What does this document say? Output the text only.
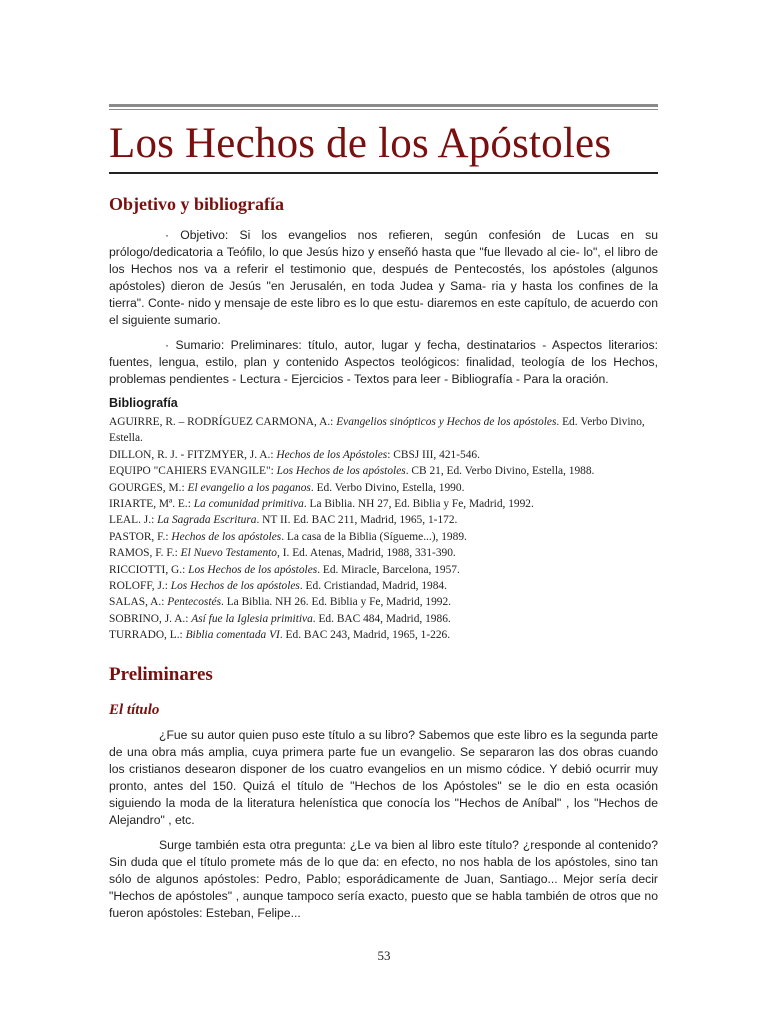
Los Hechos de los Apóstoles
Objetivo y bibliografía

· Objetivo: Si los evangelios nos refieren, según confesión de Lucas en su prólogo/dedicatoria a Teófilo, lo que Jesús hizo y enseñó hasta que "fue llevado al cie- lo", el libro de los Hechos nos va a referir el testimonio que, después de Pentecostés, los apóstoles (algunos apóstoles) dieron de Jesús "en Jerusalén, en toda Judea y Sama- ria y hasta los confines de la tierra". Conte- nido y mensaje de este libro es lo que estu- diaremos en este capítulo, de acuerdo con el siguiente sumario.

· Sumario: Preliminares: título, autor, lugar y fecha, destinatarios - Aspectos literarios: fuentes, lengua, estilo, plan y contenido Aspectos teológicos: finalidad, teología de los Hechos, problemas pendientes - Lectura - Ejercicios - Textos para leer - Bibliografía - Para la oración.

Bibliografía

AGUIRRE, R. – RODRÍGUEZ CARMONA, A.: Evangelios sinópticos y Hechos de los apóstoles. Ed. Verbo Divino, Estella.

DILLON, R. J. - FITZMYER, J. A.: Hechos de los Apóstoles: CBSJ III, 421-546.

EQUIPO "CAHIERS EVANGILE": Los Hechos de los apóstoles. CB 21, Ed. Verbo Divino, Estella, 1988.

GOURGES, M.: El evangelio a los paganos. Ed. Verbo Divino, Estella, 1990.

IRIARTE, Mª. E.: La comunidad primitiva. La Biblia. NH 27, Ed. Biblia y Fe, Madrid, 1992.

LEAL. J.: La Sagrada Escritura. NT II. Ed. BAC 211, Madrid, 1965, 1-172.

PASTOR, F.: Hechos de los apóstoles. La casa de la Biblia (Sígueme...), 1989.

RAMOS, F. F.: El Nuevo Testamento, I. Ed. Atenas, Madrid, 1988, 331-390.

RICCIOTTI, G.: Los Hechos de los apóstoles. Ed. Miracle, Barcelona, 1957.

ROLOFF, J.: Los Hechos de los apóstoles. Ed. Cristiandad, Madrid, 1984.

SALAS, A.: Pentecostés. La Biblia. NH 26. Ed. Biblia y Fe, Madrid, 1992.

SOBRINO, J. A.: Así fue la Iglesia primitiva. Ed. BAC 484, Madrid, 1986.

TURRADO, L.: Biblia comentada VI. Ed. BAC 243, Madrid, 1965, 1-226.

Preliminares
El título

¿Fue su autor quien puso este título a su libro? Sabemos que este libro es la segunda parte de una obra más amplia, cuya primera parte fue un evangelio. Se separaron las dos obras cuando los cristianos desearon disponer de los cuatro evangelios en un mismo códice. Y debió ocurrir muy pronto, antes del 150. Quizá el título de "Hechos de los Apóstoles" se le dio en esta ocasión siguiendo la moda de la literatura helenística que conocía los "Hechos de Aníbal" , los "Hechos de Alejandro" , etc.

Surge también esta otra pregunta: ¿Le va bien al libro este título? ¿responde al contenido? Sin duda que el título promete más de lo que da: en efecto, no nos habla de los apóstoles, sino tan sólo de algunos apóstoles: Pedro, Pablo; esporádicamente de Juan, Santiago... Mejor sería decir "Hechos de apóstoles" , aunque tampoco sería exacto, puesto que se habla también de otros que no fueron apóstoles: Esteban, Felipe...

53
